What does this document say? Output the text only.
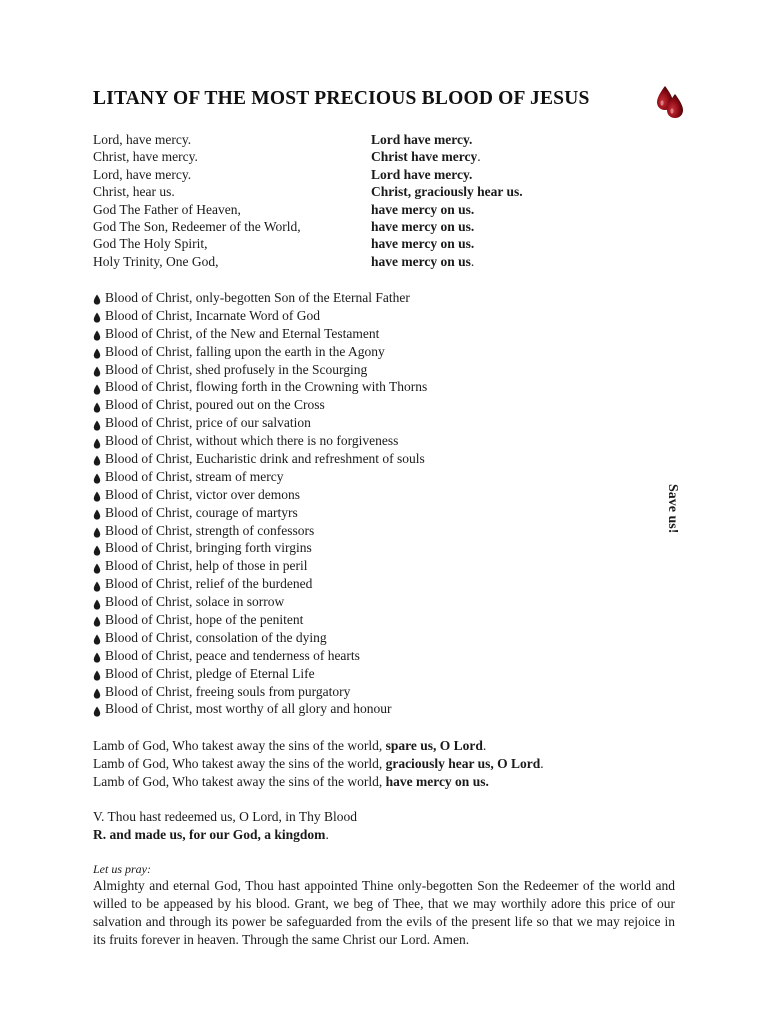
LITANY OF THE MOST PRECIOUS BLOOD OF JESUS
Lord, have mercy.	Lord have mercy.
Christ, have mercy.	Christ have mercy.
Lord, have mercy.	Lord have mercy.
Christ, hear us.	Christ, graciously hear us.
God The Father of Heaven,	have mercy on us.
God The Son, Redeemer of the World,	have mercy on us.
God The Holy Spirit,	have mercy on us.
Holy Trinity, One God,	have mercy on us.
Blood of Christ, only-begotten Son of the Eternal Father
Blood of Christ, Incarnate Word of God
Blood of Christ, of the New and Eternal Testament
Blood of Christ, falling upon the earth in the Agony
Blood of Christ, shed profusely in the Scourging
Blood of Christ, flowing forth in the Crowning with Thorns
Blood of Christ, poured out on the Cross
Blood of Christ, price of our salvation
Blood of Christ, without which there is no forgiveness
Blood of Christ, Eucharistic drink and refreshment of souls
Blood of Christ, stream of mercy
Blood of Christ, victor over demons
Blood of Christ, courage of martyrs
Blood of Christ, strength of confessors
Blood of Christ, bringing forth virgins
Blood of Christ, help of those in peril
Blood of Christ, relief of the burdened
Blood of Christ, solace in sorrow
Blood of Christ, hope of the penitent
Blood of Christ, consolation of the dying
Blood of Christ, peace and tenderness of hearts
Blood of Christ, pledge of Eternal Life
Blood of Christ, freeing souls from purgatory
Blood of Christ, most worthy of all glory and honour
Save us!
Lamb of God, Who takest away the sins of the world, spare us, O Lord.
Lamb of God, Who takest away the sins of the world, graciously hear us, O Lord.
Lamb of God, Who takest away the sins of the world, have mercy on us.
V. Thou hast redeemed us, O Lord, in Thy Blood
R. and made us, for our God, a kingdom.
Let us pray:
Almighty and eternal God, Thou hast appointed Thine only-begotten Son the Redeemer of the world and willed to be appeased by his blood. Grant, we beg of Thee, that we may worthily adore this price of our salvation and through its power be safeguarded from the evils of the present life so that we may rejoice in its fruits forever in heaven. Through the same Christ our Lord. Amen.
